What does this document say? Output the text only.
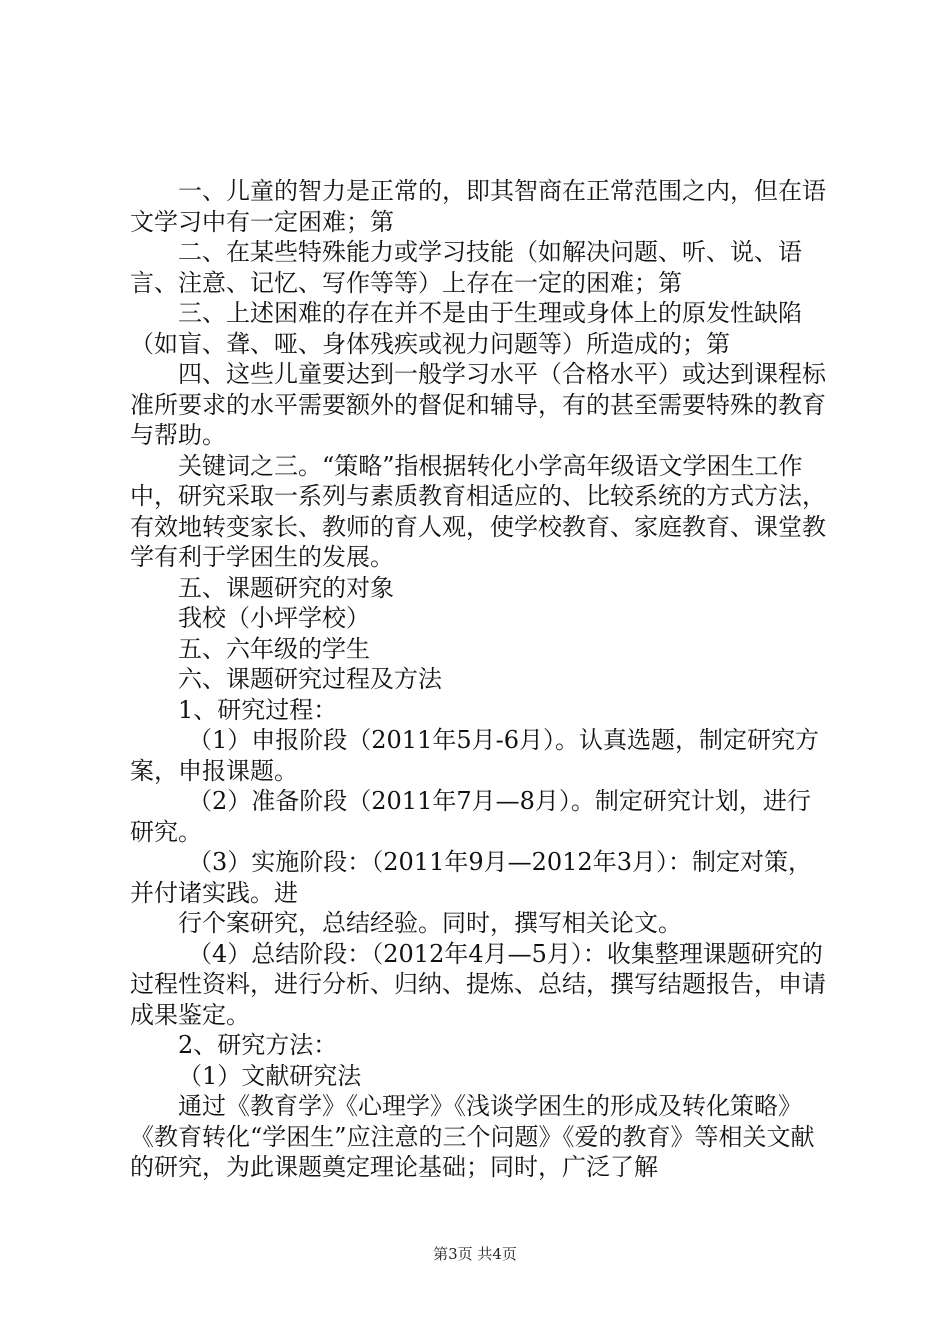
一、儿童的智力是正常的，即其智商在正常范围之内，但在语文学习中有一定困难；第

二、在某些特殊能力或学习技能（如解决问题、听、说、语言、注意、记忆、写作等等）上存在一定的困难；第

三、上述困难的存在并不是由于生理或身体上的原发性缺陷（如盲、聋、哑、身体残疾或视力问题等）所造成的；第

四、这些儿童要达到一般学习水平（合格水平）或达到课程标准所要求的水平需要额外的督促和辅导，有的甚至需要特殊的教育与帮助。

关键词之三。“策略”指根据转化小学高年级语文学困生工作中，研究采取一系列与素质教育相适应的、比较系统的方式方法，有效地转变家长、教师的育人观，使学校教育、家庭教育、课堂教学有利于学困生的发展。

五、课题研究的对象

我校（小坪学校）

五、六年级的学生

六、课题研究过程及方法

1、研究过程：

（1）申报阶段（2011年5月-6月）。认真选题，制定研究方案，申报课题。

（2）准备阶段（2011年7月—8月）。制定研究计划，进行研究。

（3）实施阶段：（2011年9月—2012年3月）：制定对策，并付诸实践。进

行个案研究，总结经验。同时，撰写相关论文。

（4）总结阶段：（2012年4月—5月）：收集整理课题研究的过程性资料，进行分析、归纳、提炼、总结，撰写结题报告，申请成果鉴定。

2、研究方法：

（1）文献研究法

通过《教育学》《心理学》《浅谈学困生的形成及转化策略》《教育转化“学困生”应注意的三个问题》《爱的教育》等相关文献的研究，为此课题奠定理论基础；同时，广泛了解

第3页 共4页
